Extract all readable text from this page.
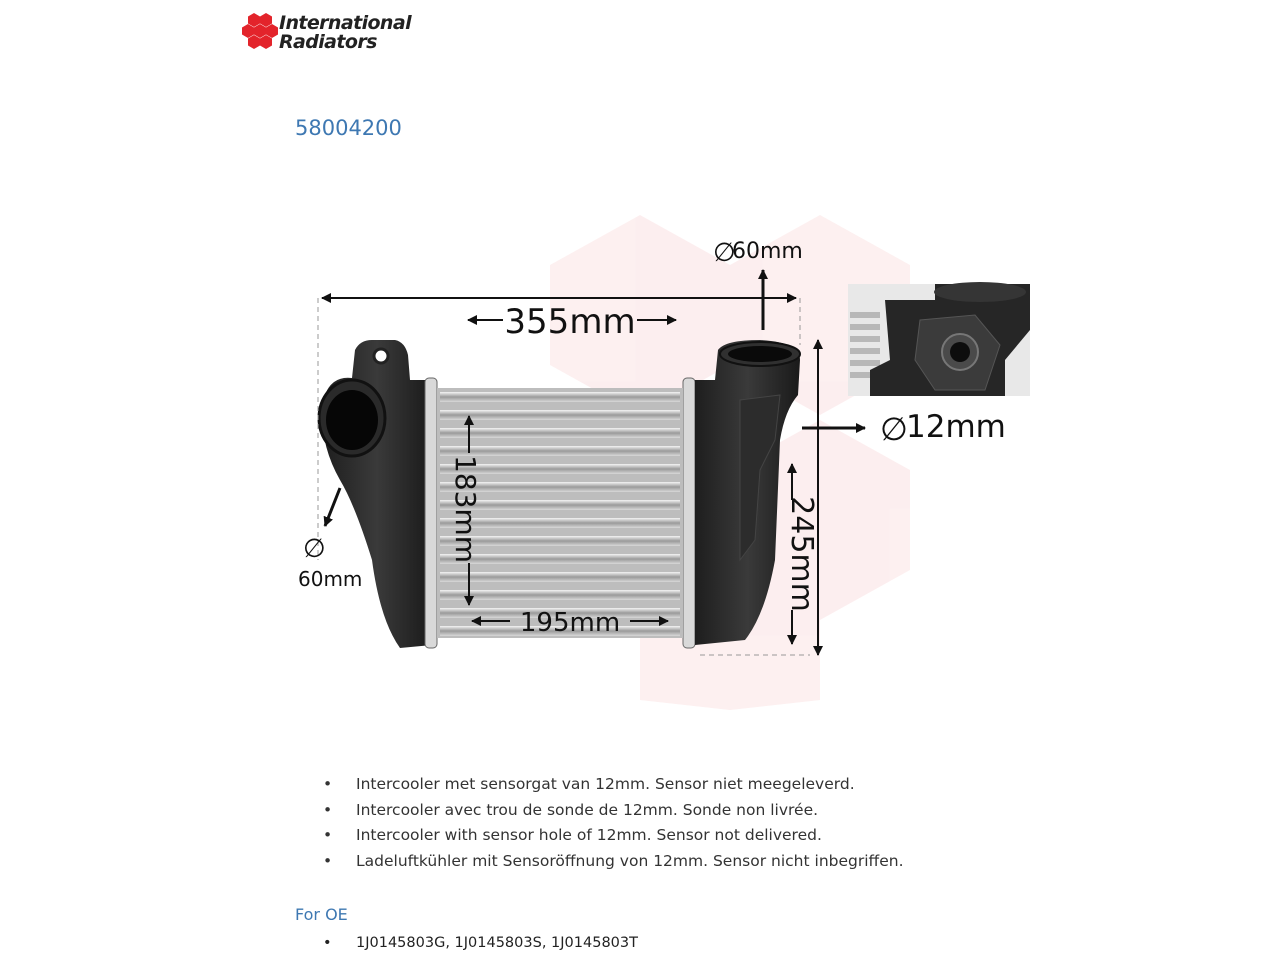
International
Radiators
58004200
355mm
∅
60mm
∅
60mm
183mm
195mm
245mm
∅
12mm
• Intercooler met sensorgat van 12mm. Sensor niet meegeleverd.
• Intercooler avec trou de sonde de 12mm. Sonde non livrée.
• Intercooler with sensor hole of 12mm. Sensor not delivered.
• Ladeluftkühler mit Sensoröffnung von 12mm. Sensor nicht inbegriffen.
For OE
• 1J0145803G, 1J0145803S, 1J0145803T
